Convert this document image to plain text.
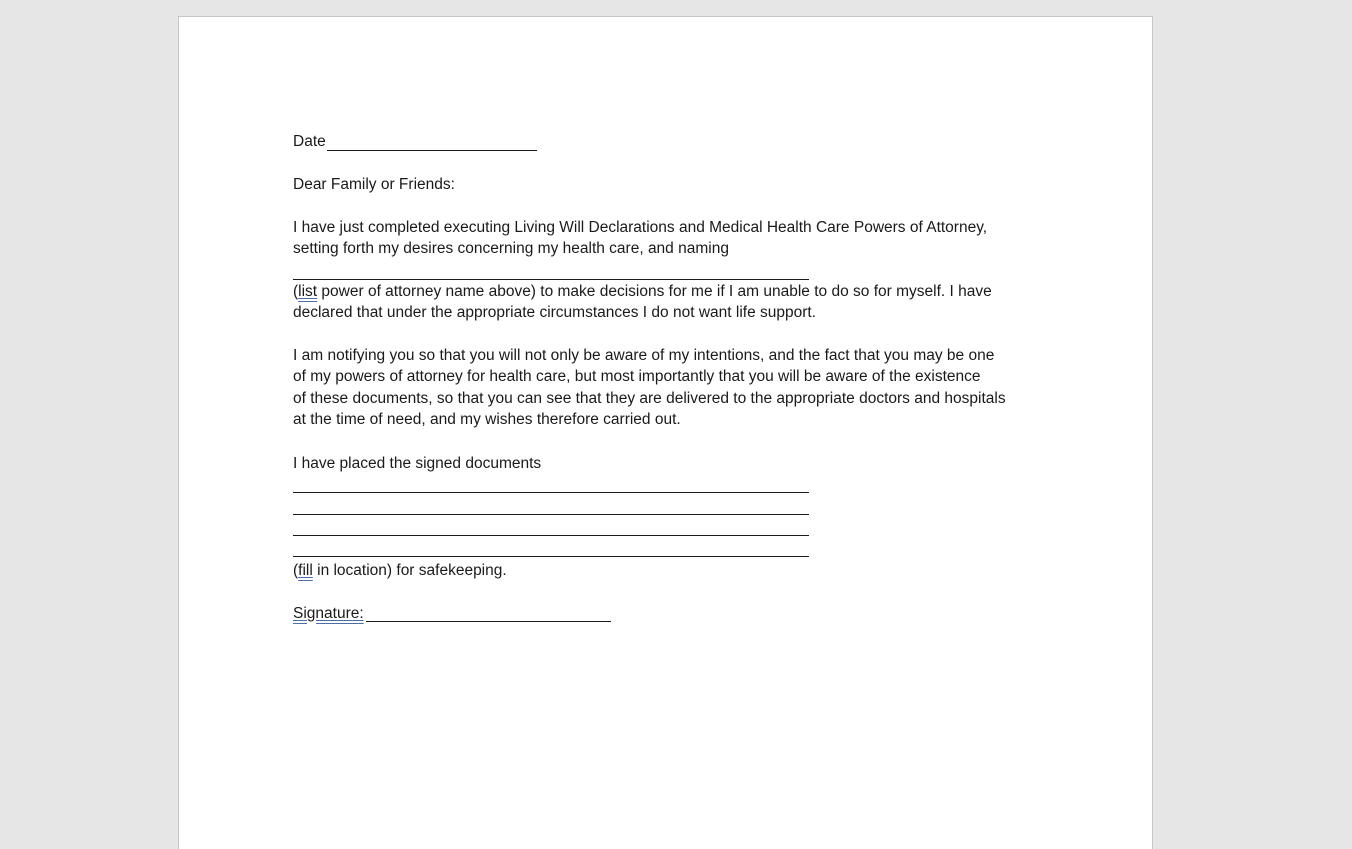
Date
Dear Family or Friends:
I have just completed executing Living Will Declarations and Medical Health Care Powers of Attorney,
setting forth my desires concerning my health care, and naming
(list power of attorney name above) to make decisions for me if I am unable to do so for myself. I have
declared that under the appropriate circumstances I do not want life support.
I am notifying you so that you will not only be aware of my intentions, and the fact that you may be one
of my powers of attorney for health care, but most importantly that you will be aware of the existence
of these documents, so that you can see that they are delivered to the appropriate doctors and hospitals
at the time of need, and my wishes therefore carried out.
I have placed the signed documents
(fill in location) for safekeeping.
Signature:
